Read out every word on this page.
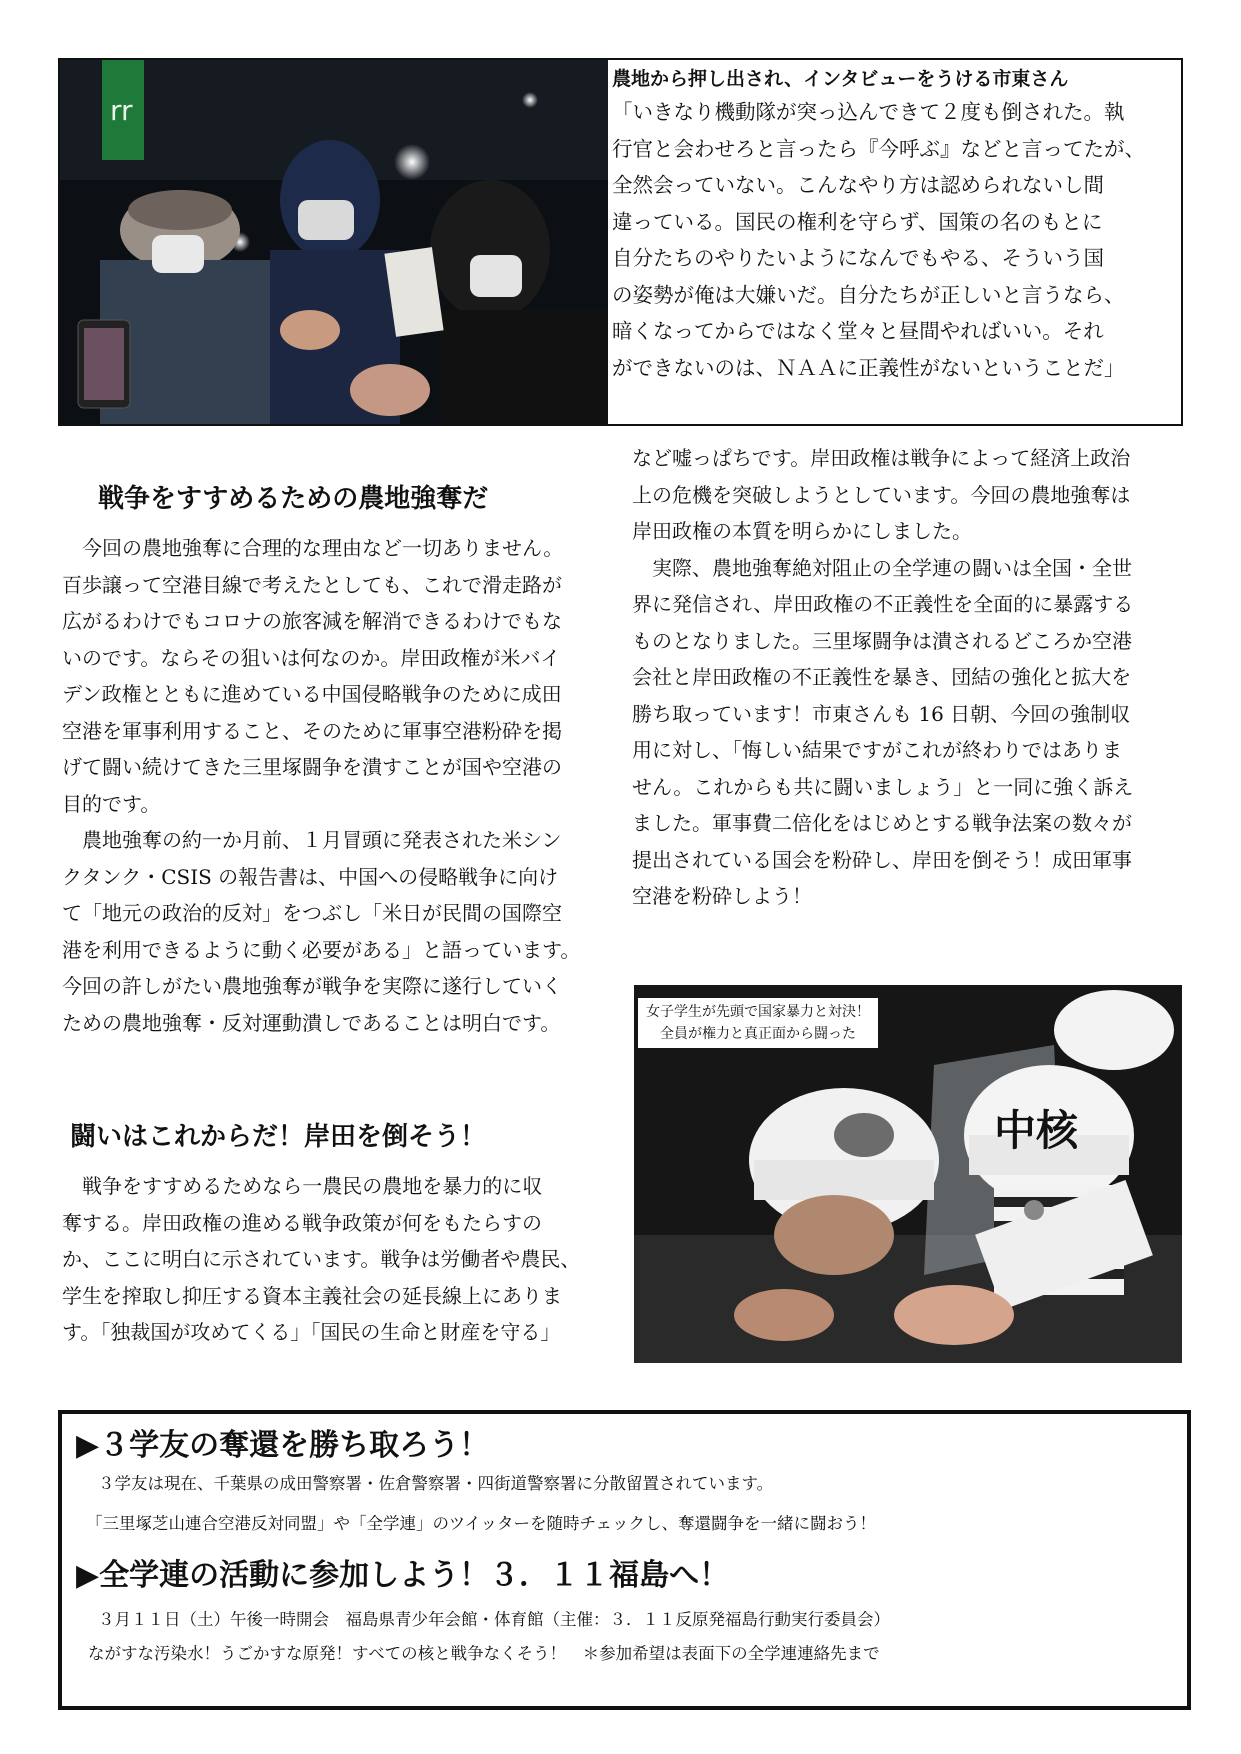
rr

農地から押し出され、インタビューをうける市東さん

「いきなり機動隊が突っ込んできて２度も倒された。執

行官と会わせろと言ったら『今呼ぶ』などと言ってたが、

全然会っていない。こんなやり方は認められないし間

違っている。国民の権利を守らず、国策の名のもとに

自分たちのやりたいようになんでもやる、そういう国

の姿勢が俺は大嫌いだ。自分たちが正しいと言うなら、

暗くなってからではなく堂々と昼間やればいい。それ

ができないのは、ＮＡＡに正義性がないということだ」

戦争をすすめるための農地強奪だ

　今回の農地強奪に合理的な理由など一切ありません。

百歩譲って空港目線で考えたとしても、これで滑走路が

広がるわけでもコロナの旅客減を解消できるわけでもな

いのです。ならその狙いは何なのか。岸田政権が米バイ

デン政権とともに進めている中国侵略戦争のために成田

空港を軍事利用すること、そのために軍事空港粉砕を掲

げて闘い続けてきた三里塚闘争を潰すことが国や空港の

目的です。

　農地強奪の約一か月前、１月冒頭に発表された米シン

クタンク・CSIS の報告書は、中国への侵略戦争に向け

て「地元の政治的反対」をつぶし「米日が民間の国際空

港を利用できるように動く必要がある」と語っています。

今回の許しがたい農地強奪が戦争を実際に遂行していく

ための農地強奪・反対運動潰しであることは明白です。

闘いはこれからだ！岸田を倒そう！

　戦争をすすめるためなら一農民の農地を暴力的に収

奪する。岸田政権の進める戦争政策が何をもたらすの

か、ここに明白に示されています。戦争は労働者や農民、

学生を搾取し抑圧する資本主義社会の延長線上にありま

す。「独裁国が攻めてくる」「国民の生命と財産を守る」

など嘘っぱちです。岸田政権は戦争によって経済上政治

上の危機を突破しようとしています。今回の農地強奪は

岸田政権の本質を明らかにしました。

　実際、農地強奪絶対阻止の全学連の闘いは全国・全世

界に発信され、岸田政権の不正義性を全面的に暴露する

ものとなりました。三里塚闘争は潰されるどころか空港

会社と岸田政権の不正義性を暴き、団結の強化と拡大を

勝ち取っています！市東さんも 16 日朝、今回の強制収

用に対し、「悔しい結果ですがこれが終わりではありま

せん。これからも共に闘いましょう」と一同に強く訴え

ました。軍事費二倍化をはじめとする戦争法案の数々が

提出されている国会を粉砕し、岸田を倒そう！成田軍事

空港を粉砕しよう！

中核
女子学生が先頭で国家暴力と対決！
全員が権力と真正面から闘った
▶３学友の奪還を勝ち取ろう！

３学友は現在、千葉県の成田警察署・佐倉警察署・四街道警察署に分散留置されています。

「三里塚芝山連合空港反対同盟」や「全学連」のツイッターを随時チェックし、奪還闘争を一緒に闘おう！

▶全学連の活動に参加しよう！３．１１福島へ！

３月１１日（土）午後一時開会　福島県青少年会館・体育館（主催：３．１１反原発福島行動実行委員会）

ながすな汚染水！うごかすな原発！すべての核と戦争なくそう！　＊参加希望は表面下の全学連連絡先まで
